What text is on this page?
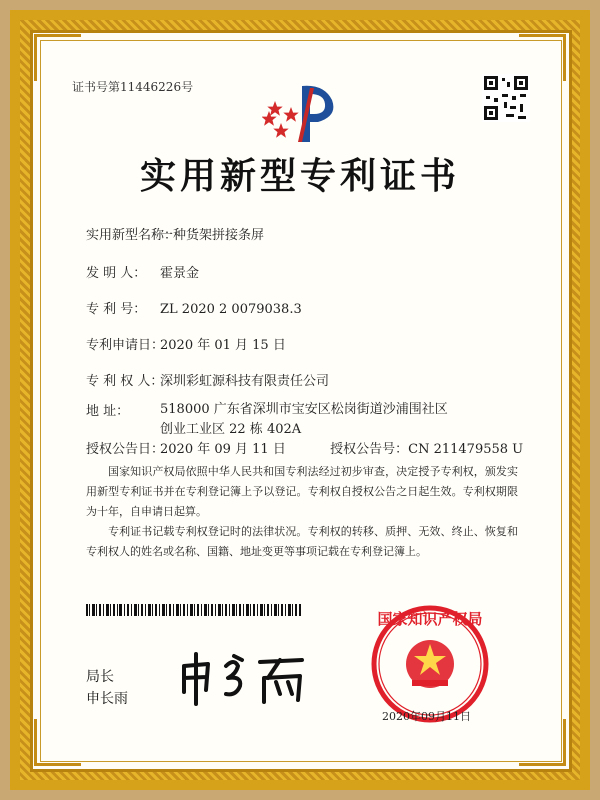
证书号第11446226号
实用新型专利证书
实用新型名称：一种货架拼接条屏
发 明 人： 霍景金
专 利 号： ZL 2020 2 0079038.3
专利申请日：2020 年 01 月 15 日
专 利 权 人：深圳彩虹源科技有限责任公司
地 址： 518000 广东省深圳市宝安区松岗街道沙浦围社区创业工业区 22 栋 402A
授权公告日：2020 年 09 月 11 日	授权公告号：CN 211479558 U
国家知识产权局依照中华人民共和国专利法经过初步审查，决定授予专利权，颁发实用新型专利证书并在专利登记簿上予以登记。专利权自授权公告之日起生效。专利权期限为十年，自申请日起算。
专利证书记载专利权登记时的法律状况。专利权的转移、质押、无效、终止、恢复和专利权人的姓名或名称、国籍、地址变更等事项记载在专利登记簿上。
局长
申长雨
国家知识产权局
2020年09月11日
